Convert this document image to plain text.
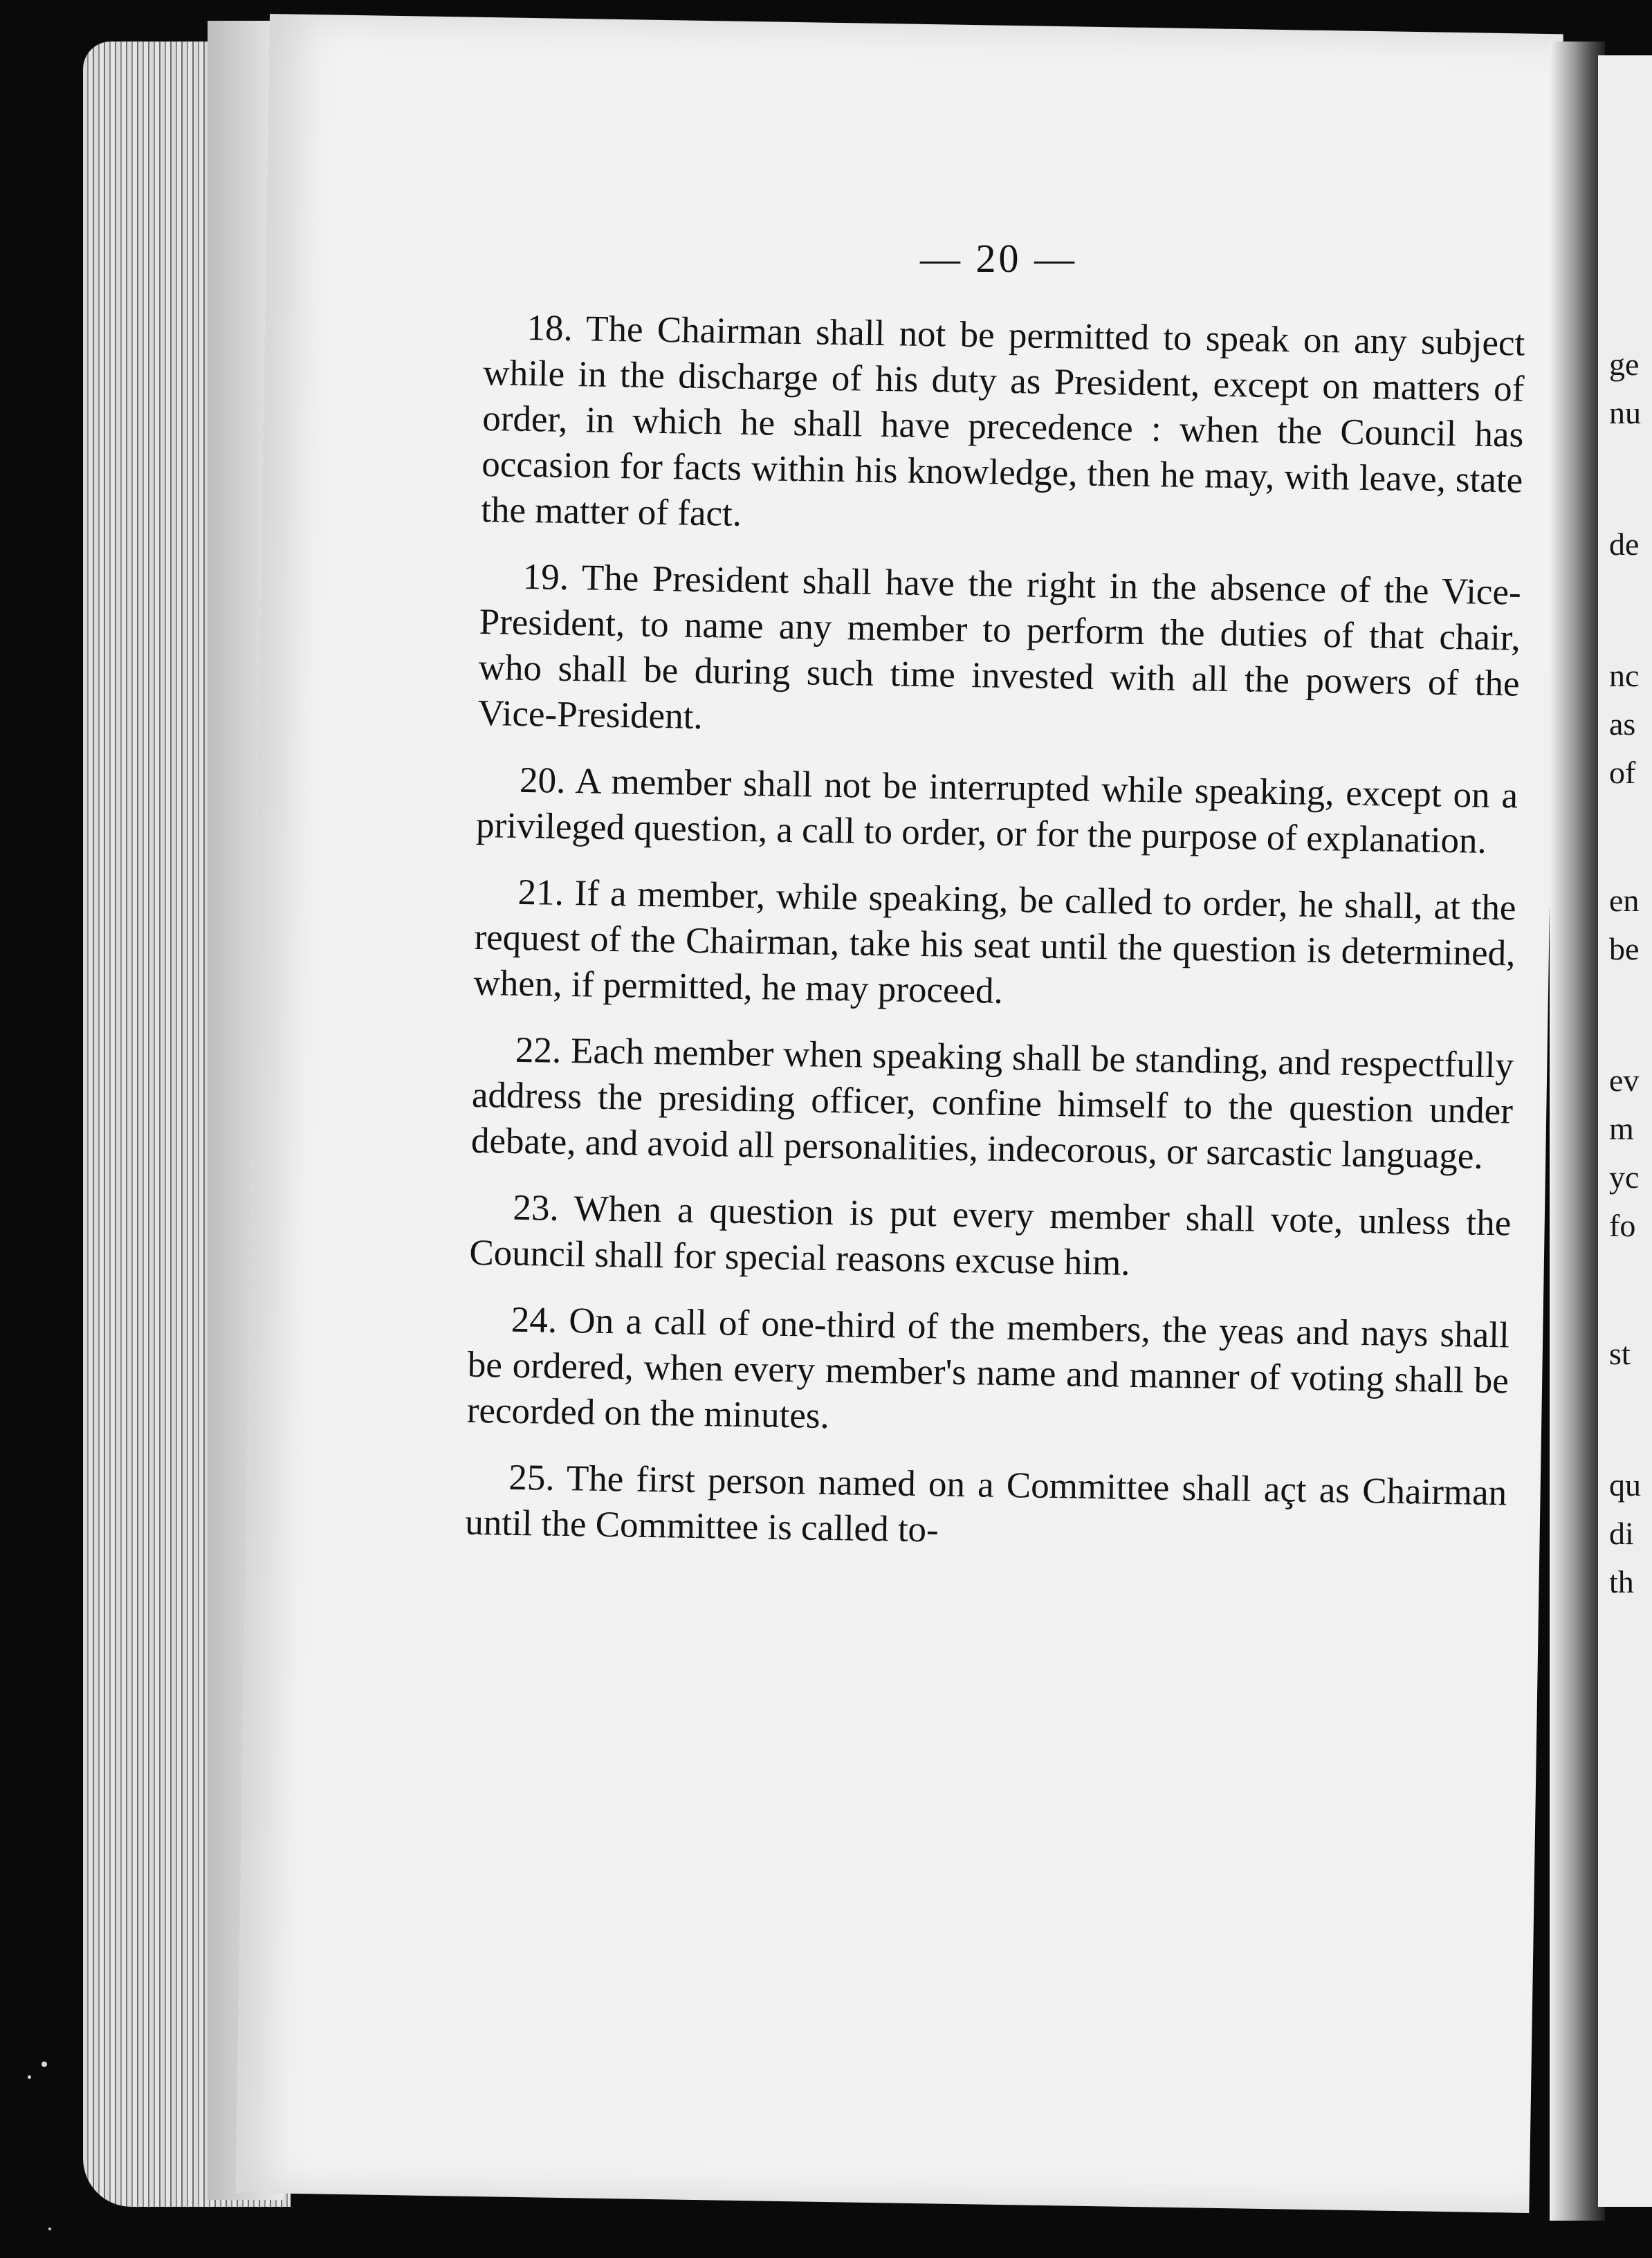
ge
nu
de
nc
as
of
en
be
ev
m
yc
fo
st
qu
di
th
— 20 —

18. The Chairman shall not be permitted to speak on any subject while in the discharge of his duty as President, except on matters of order, in which he shall have precedence : when the Council has occasion for facts within his knowledge, then he may, with leave, state the matter of fact.

19. The President shall have the right in the absence of the Vice-President, to name any member to perform the duties of that chair, who shall be during such time invested with all the powers of the Vice-President.

20. A member shall not be interrupted while speaking, except on a privileged question, a call to order, or for the purpose of explanation.

21. If a member, while speaking, be called to order, he shall, at the request of the Chairman, take his seat until the question is determined, when, if permitted, he may proceed.

22. Each member when speaking shall be standing, and respectfully address the presiding officer, confine himself to the question under debate, and avoid all personalities, indecorous, or sarcastic language.

23. When a question is put every member shall vote, unless the Council shall for special reasons excuse him.

24. On a call of one-third of the members, the yeas and nays shall be ordered, when every member's name and manner of voting shall be recorded on the minutes.

25. The first person named on a Committee shall açt as Chairman until the Committee is called to-
